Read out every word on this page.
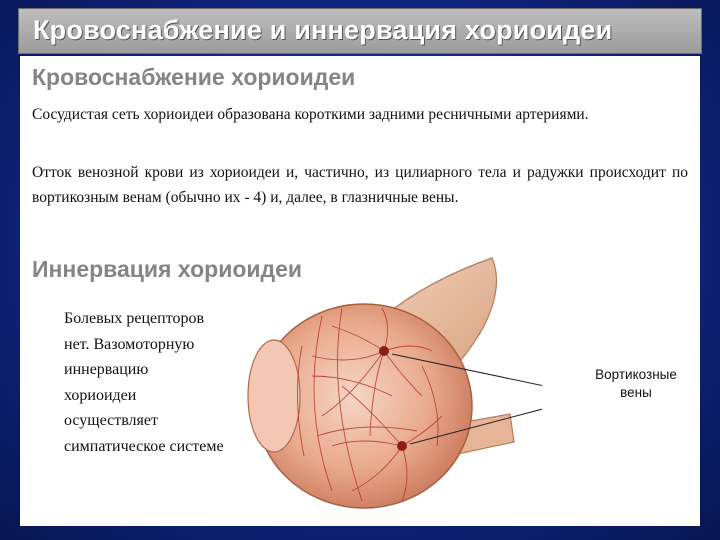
Кровоснабжение и иннервация хориоидеи
Кровоснабжение хориоидеи
Сосудистая сеть хориоидеи образована короткими задними ресничными артериями.
Отток венозной крови из хориоидеи и, частично, из цилиарного тела и радужки происходит по вортикозным венам (обычно их - 4) и, далее, в глазничные вены.
Иннервация хориоидеи
Болевых рецепторов нет. Вазомоторную иннервацию хориоидеи осуществляет симпатическое системе
Вортикозные
вены
